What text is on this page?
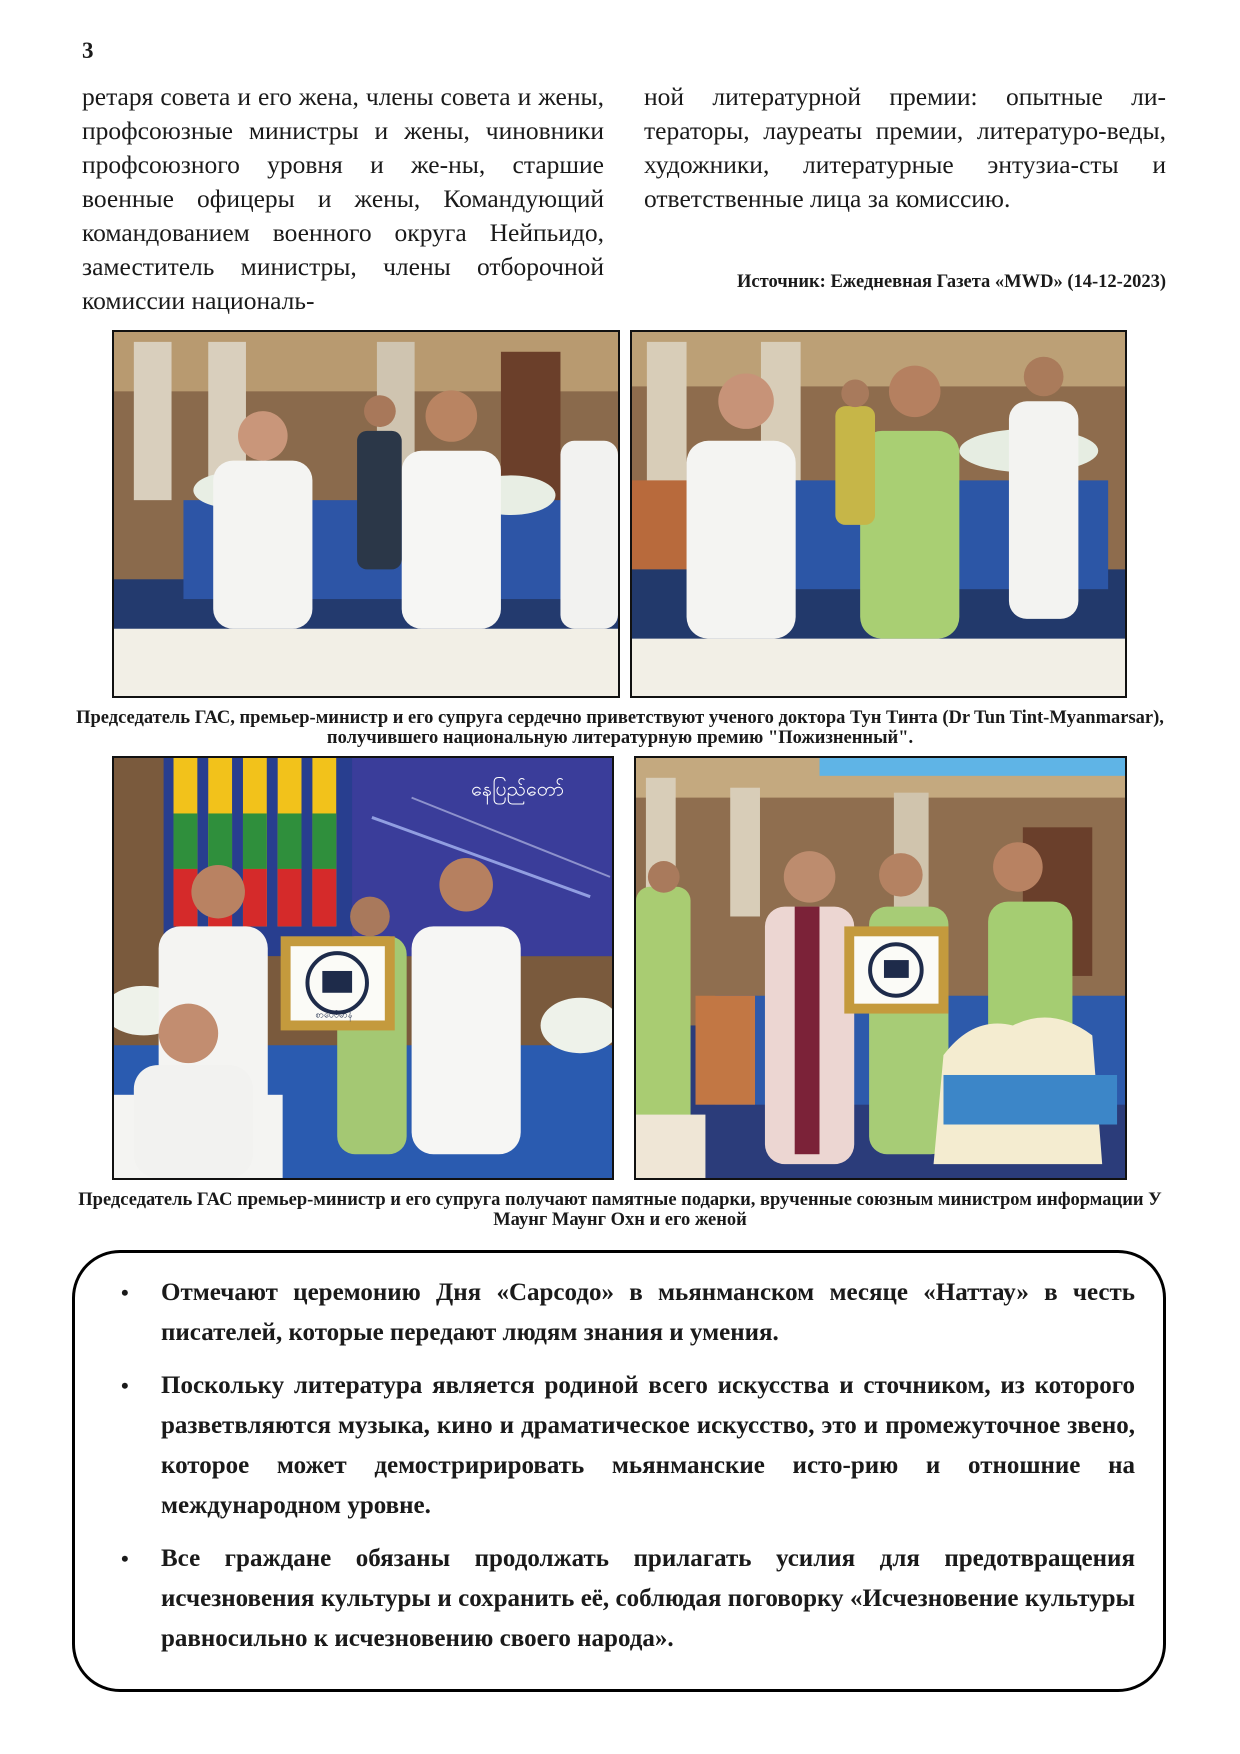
3

ретаря совета и его жена, члены совета и жены, профсоюзные министры и жены, чиновники профсоюзного уровня и же-ны, старшие военные офицеры и жены, Командующий командованием военного округа Нейпьидо, заместитель министры, члены отборочной комиссии националь-

ной литературной премии: опытные ли-тераторы, лауреаты премии, литературо-веды, художники, литературные энтузиа-сты и ответственные лица за комиссию.

Источник: Ежедневная Газета «MWD» (14-12-2023)
Председатель ГАС, премьер-министр и его супруга сердечно приветствуют ученого доктора Тун Тинта (Dr Tun Tint-Myanmarsar), получившего национальную литературную премию "Пожизненный".
နေပြည်တော်
စာပေဗိမာန်
Председатель ГАС премьер-министр и его супруга получают памятные подарки, врученные союзным министром информации У Маунг Маунг Охн и его женой
• Отмечают церемонию Дня «Сарсодо» в мьянманском месяце «Наттау» в честь писателей, которые передают людям знания и умения.
• Поскольку литература является родиной всего искусства и сточником, из которого разветвляются музыка, кино и драматическое искусство, это и промежуточное звено, которое может демостририровать мьянманские исто-рию и отношние на международном уровне.
• Все граждане обязаны продолжать прилагать усилия для предотвращения исчезновения культуры и сохранить её, соблюдая поговорку «Исчезновение культуры равносильно к исчезновению своего народа».
